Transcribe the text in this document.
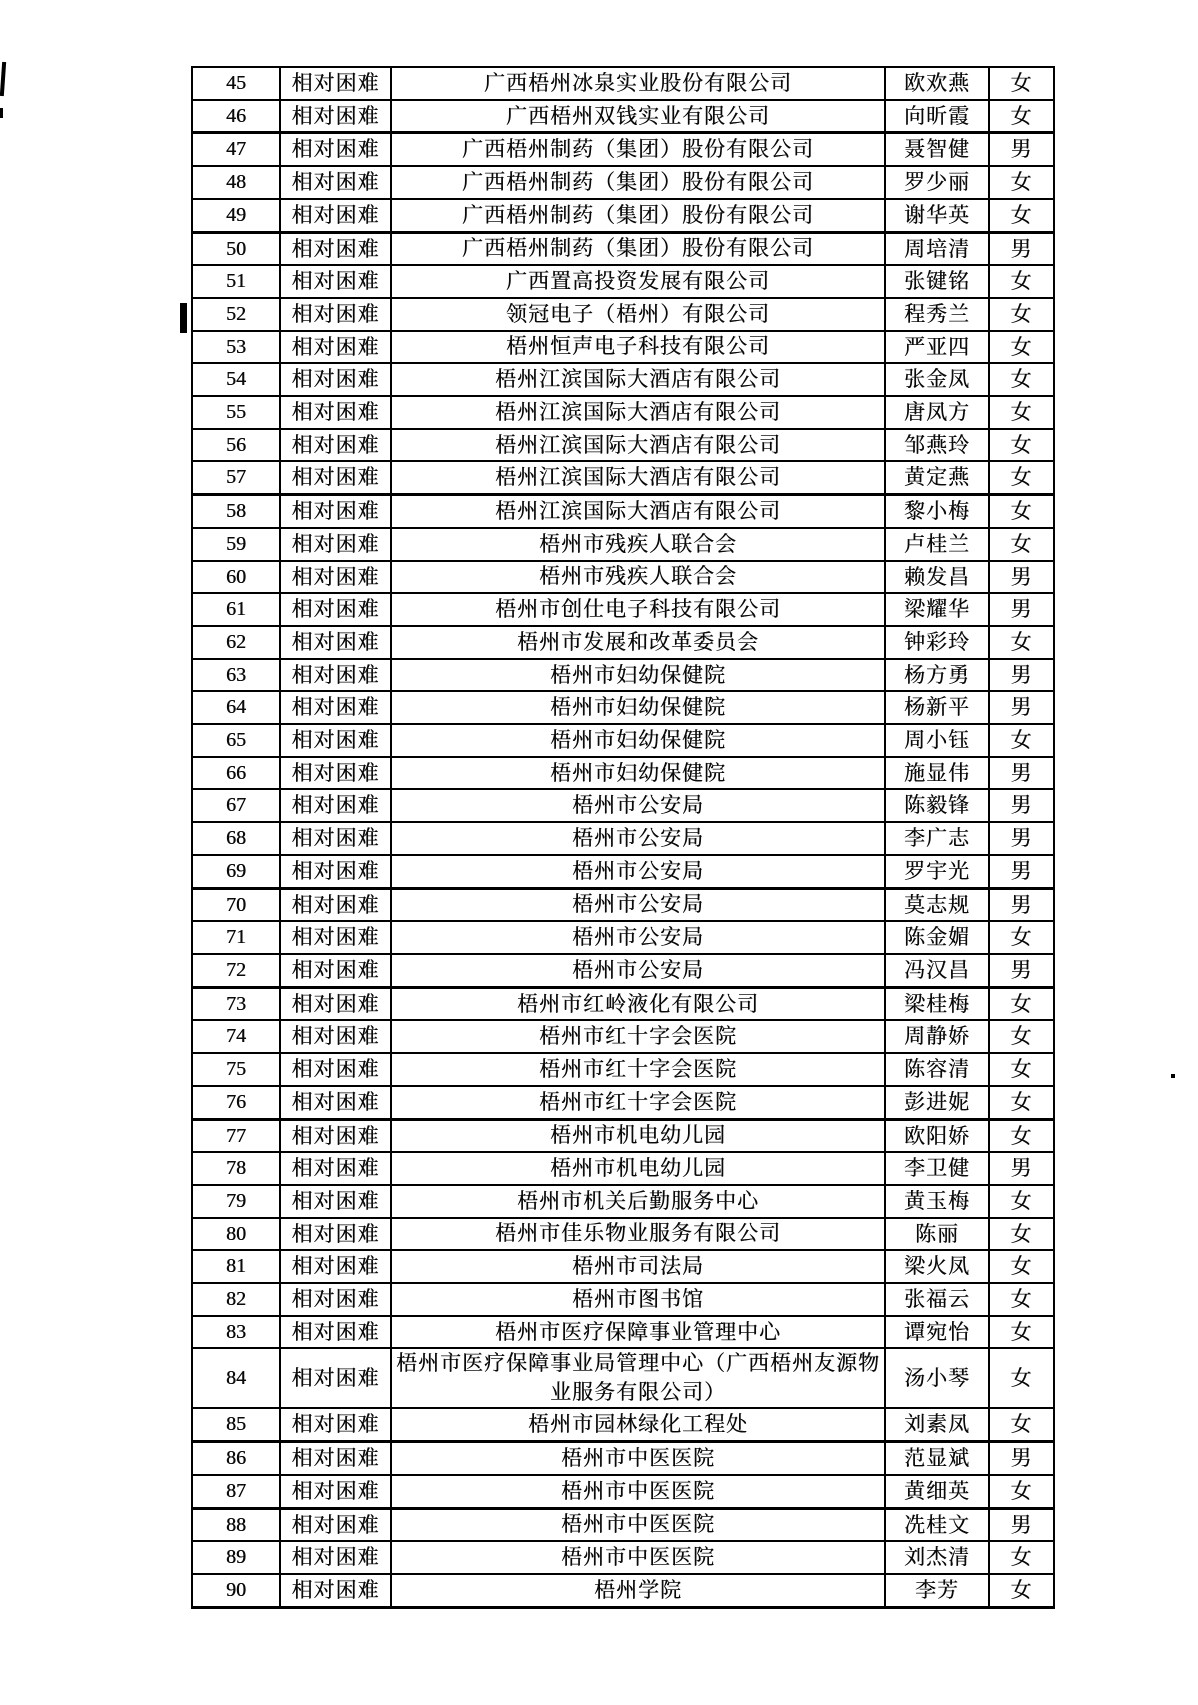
45	相对困难	广西梧州冰泉实业股份有限公司	欧欢燕	女
46	相对困难	广西梧州双钱实业有限公司	向昕霞	女
47	相对困难	广西梧州制药（集团）股份有限公司	聂智健	男
48	相对困难	广西梧州制药（集团）股份有限公司	罗少丽	女
49	相对困难	广西梧州制药（集团）股份有限公司	谢华英	女
50	相对困难	广西梧州制药（集团）股份有限公司	周培清	男
51	相对困难	广西置高投资发展有限公司	张键铭	女
52	相对困难	领冠电子（梧州）有限公司	程秀兰	女
53	相对困难	梧州恒声电子科技有限公司	严亚四	女
54	相对困难	梧州江滨国际大酒店有限公司	张金凤	女
55	相对困难	梧州江滨国际大酒店有限公司	唐凤方	女
56	相对困难	梧州江滨国际大酒店有限公司	邹燕玲	女
57	相对困难	梧州江滨国际大酒店有限公司	黄定燕	女
58	相对困难	梧州江滨国际大酒店有限公司	黎小梅	女
59	相对困难	梧州市残疾人联合会	卢桂兰	女
60	相对困难	梧州市残疾人联合会	赖发昌	男
61	相对困难	梧州市创仕电子科技有限公司	梁耀华	男
62	相对困难	梧州市发展和改革委员会	钟彩玲	女
63	相对困难	梧州市妇幼保健院	杨方勇	男
64	相对困难	梧州市妇幼保健院	杨新平	男
65	相对困难	梧州市妇幼保健院	周小钰	女
66	相对困难	梧州市妇幼保健院	施显伟	男
67	相对困难	梧州市公安局	陈毅锋	男
68	相对困难	梧州市公安局	李广志	男
69	相对困难	梧州市公安局	罗宇光	男
70	相对困难	梧州市公安局	莫志规	男
71	相对困难	梧州市公安局	陈金媚	女
72	相对困难	梧州市公安局	冯汉昌	男
73	相对困难	梧州市红岭液化有限公司	梁桂梅	女
74	相对困难	梧州市红十字会医院	周静娇	女
75	相对困难	梧州市红十字会医院	陈容清	女
76	相对困难	梧州市红十字会医院	彭进妮	女
77	相对困难	梧州市机电幼儿园	欧阳娇	女
78	相对困难	梧州市机电幼儿园	李卫健	男
79	相对困难	梧州市机关后勤服务中心	黄玉梅	女
80	相对困难	梧州市佳乐物业服务有限公司	陈丽	女
81	相对困难	梧州市司法局	梁火凤	女
82	相对困难	梧州市图书馆	张福云	女
83	相对困难	梧州市医疗保障事业管理中心	谭宛怡	女
84	相对困难	梧州市医疗保障事业局管理中心（广西梧州友源物业服务有限公司）	汤小琴	女
85	相对困难	梧州市园林绿化工程处	刘素凤	女
86	相对困难	梧州市中医医院	范显斌	男
87	相对困难	梧州市中医医院	黄细英	女
88	相对困难	梧州市中医医院	冼桂文	男
89	相对困难	梧州市中医医院	刘杰清	女
90	相对困难	梧州学院	李芳	女
